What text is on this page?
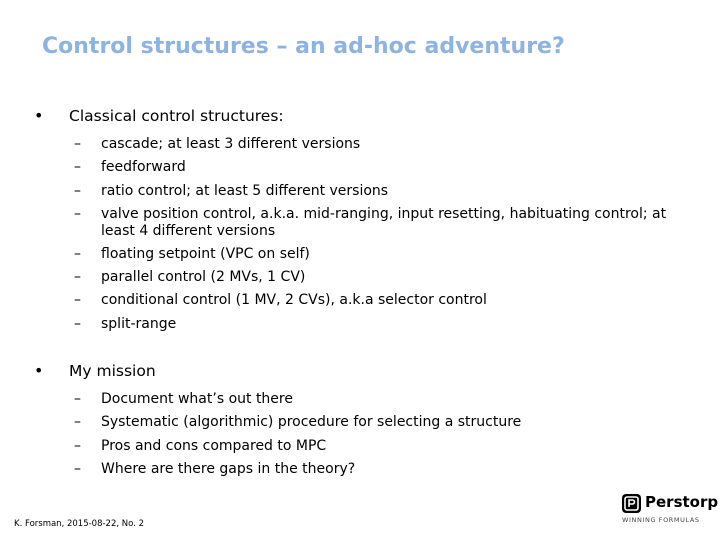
Control structures – an ad-hoc adventure?
• Classical control structures:
– cascade; at least 3 different versions
– feedforward
– ratio control; at least 5 different versions
– valve position control, a.k.a. mid-ranging, input resetting, habituating control; at least 4 different versions
– floating setpoint (VPC on self)
– parallel control (2 MVs, 1 CV)
– conditional control (1 MV, 2 CVs), a.k.a selector control
– split-range
• My mission
– Document what’s out there
– Systematic (algorithmic) procedure for selecting a structure
– Pros and cons compared to MPC
– Where are there gaps in the theory?
K. Forsman, 2015-08-22, No. 2
Perstorp
WINNING FORMULAS
